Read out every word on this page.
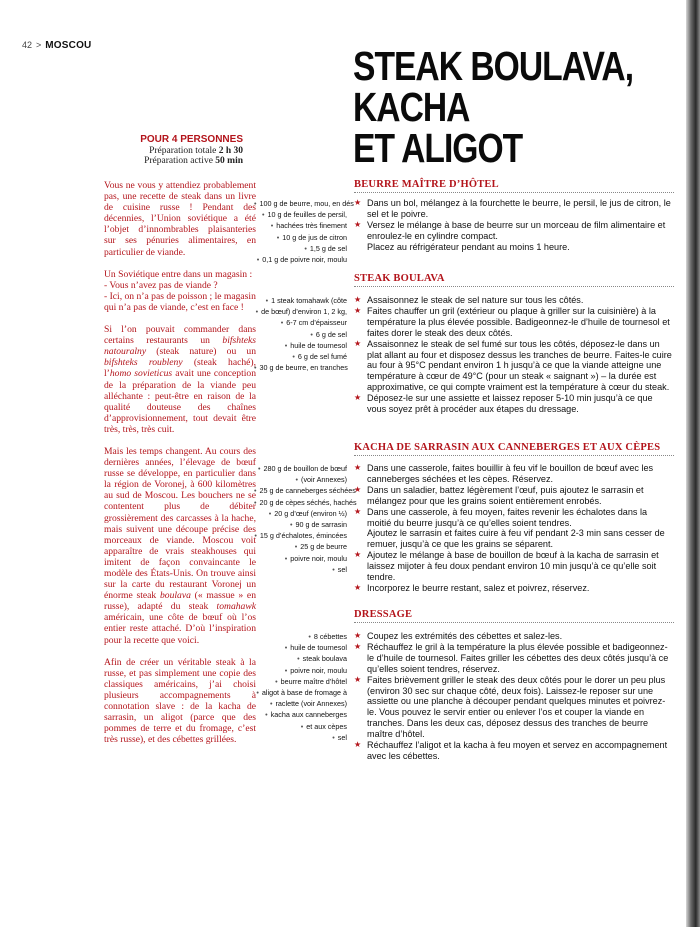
42 > MOSCOU	STEAK BOULAVA,
KACHA
ET ALIGOT
POUR 4 PERSONNES
Préparation totale 2 h 30
Préparation active 50 min

Vous ne vous y attendiez probablement pas, une recette de steak dans un livre de cuisine russe ! Pendant des décennies, l’Union soviétique a été l’objet d’innombrables plaisanteries sur ses pénuries alimentaires, en particulier de viande.

Un Soviétique entre dans un magasin :
- Vous n’avez pas de viande ?
- Ici, on n’a pas de poisson ; le magasin qui n’a pas de viande, c’est en face !

Si l’on pouvait commander dans certains restaurants un bifshteks natouralny (steak nature) ou un bifshteks roubleny (steak haché), l’homo sovieticus avait une conception de la préparation de la viande peu alléchante : peut-être en raison de la qualité douteuse des chaînes d’approvisionnement, tout devait être très, très, très cuit.

Mais les temps changent. Au cours des dernières années, l’élevage de bœuf russe se développe, en particulier dans la région de Voronej, à 600 kilomètres au sud de Moscou. Les bouchers ne se contentent plus de débiter grossièrement des carcasses à la hache, mais suivent une découpe précise des morceaux de viande. Moscou voit apparaître de vrais steakhouses qui imitent de façon convaincante le modèle des États-Unis. On trouve ainsi sur la carte du restaurant Voronej un énorme steak boulava (« massue » en russe), adapté du steak tomahawk américain, une côte de bœuf où l’os entier reste attaché. D’où l’inspiration pour la recette que voici.

Afin de créer un véritable steak à la russe, et pas simplement une copie des classiques américains, j’ai choisi plusieurs accompagnements à connotation slave : de la kacha de sarrasin, un aligot (parce que des pommes de terre et du fromage, c’est très russe), et des cébettes grillées.

BEURRE MAÎTRE D’HÔTEL
• 100 g de beurre, mou, en dés
• 10 g de feuilles de persil,
• hachées très finement
• 10 g de jus de citron
• 1,5 g de sel
• 0,1 g de poivre noir, moulu
★ Dans un bol, mélangez à la fourchette le beurre, le persil, le jus de citron, le sel et le poivre.
★ Versez le mélange à base de beurre sur un morceau de film alimentaire et enroulez-le en cylindre compact.
Placez au réfrigérateur pendant au moins 1 heure.
STEAK BOULAVA
• 1 steak tomahawk (côte
• de bœuf) d’environ 1, 2 kg,
• 6-7 cm d’épaisseur
• 6 g de sel
• huile de tournesol
• 6 g de sel fumé
• 30 g de beurre, en tranches
★ Assaisonnez le steak de sel nature sur tous les côtés.
★ Faites chauffer un gril (extérieur ou plaque à griller sur la cuisinière) à la température la plus élevée possible. Badigeonnez-le d’huile de tournesol et faites dorer le steak des deux côtés.
★ Assaisonnez le steak de sel fumé sur tous les côtés, déposez-le dans un plat allant au four et disposez dessus les tranches de beurre. Faites-le cuire au four à 95°C pendant environ 1 h jusqu’à ce que la viande atteigne une température à cœur de 49°C (pour un steak « saignant ») – la durée est approximative, ce qui compte vraiment est la température à cœur du steak.
★ Déposez-le sur une assiette et laissez reposer 5-10 min jusqu’à ce que vous soyez prêt à procéder aux étapes du dressage.
KACHA DE SARRASIN AUX CANNEBERGES ET AUX CÈPES
• 280 g de bouillon de bœuf
• (voir Annexes)
• 25 g de canneberges séchées
• 20 g de cèpes séchés, hachés
• 20 g d’œuf (environ ½)
• 90 g de sarrasin
• 15 g d’échalotes, émincées
• 25 g de beurre
• poivre noir, moulu
• sel
★ Dans une casserole, faites bouillir à feu vif le bouillon de bœuf avec les canneberges séchées et les cèpes. Réservez.
★ Dans un saladier, battez légèrement l’œuf, puis ajoutez le sarrasin et mélangez pour que les grains soient entièrement enrobés.
★ Dans une casserole, à feu moyen, faites revenir les échalotes dans la moitié du beurre jusqu’à ce qu’elles soient tendres.
Ajoutez le sarrasin et faites cuire à feu vif pendant 2-3 min sans cesser de remuer, jusqu’à ce que les grains se séparent.
★ Ajoutez le mélange à base de bouillon de bœuf à la kacha de sarrasin et laissez mijoter à feu doux pendant environ 10 min jusqu’à ce qu’elle soit tendre.
★ Incorporez le beurre restant, salez et poivrez, réservez.
DRESSAGE
• 8 cébettes
• huile de tournesol
• steak boulava
• poivre noir, moulu
• beurre maître d’hôtel
• aligot à base de fromage à
• raclette (voir Annexes)
• kacha aux canneberges
• et aux cèpes
• sel
★ Coupez les extrémités des cébettes et salez-les.
★ Réchauffez le gril à la température la plus élevée possible et badigeonnez-le d’huile de tournesol. Faites griller les cébettes des deux côtés jusqu’à ce qu’elles soient tendres, réservez.
★ Faites brièvement griller le steak des deux côtés pour le dorer un peu plus (environ 30 sec sur chaque côté, deux fois). Laissez-le reposer sur une assiette ou une planche à découper pendant quelques minutes et poivrez-le. Vous pouvez le servir entier ou enlever l’os et couper la viande en tranches. Dans les deux cas, déposez dessus des tranches de beurre maître d’hôtel.
★ Réchauffez l’aligot et la kacha à feu moyen et servez en accompagnement avec les cébettes.
